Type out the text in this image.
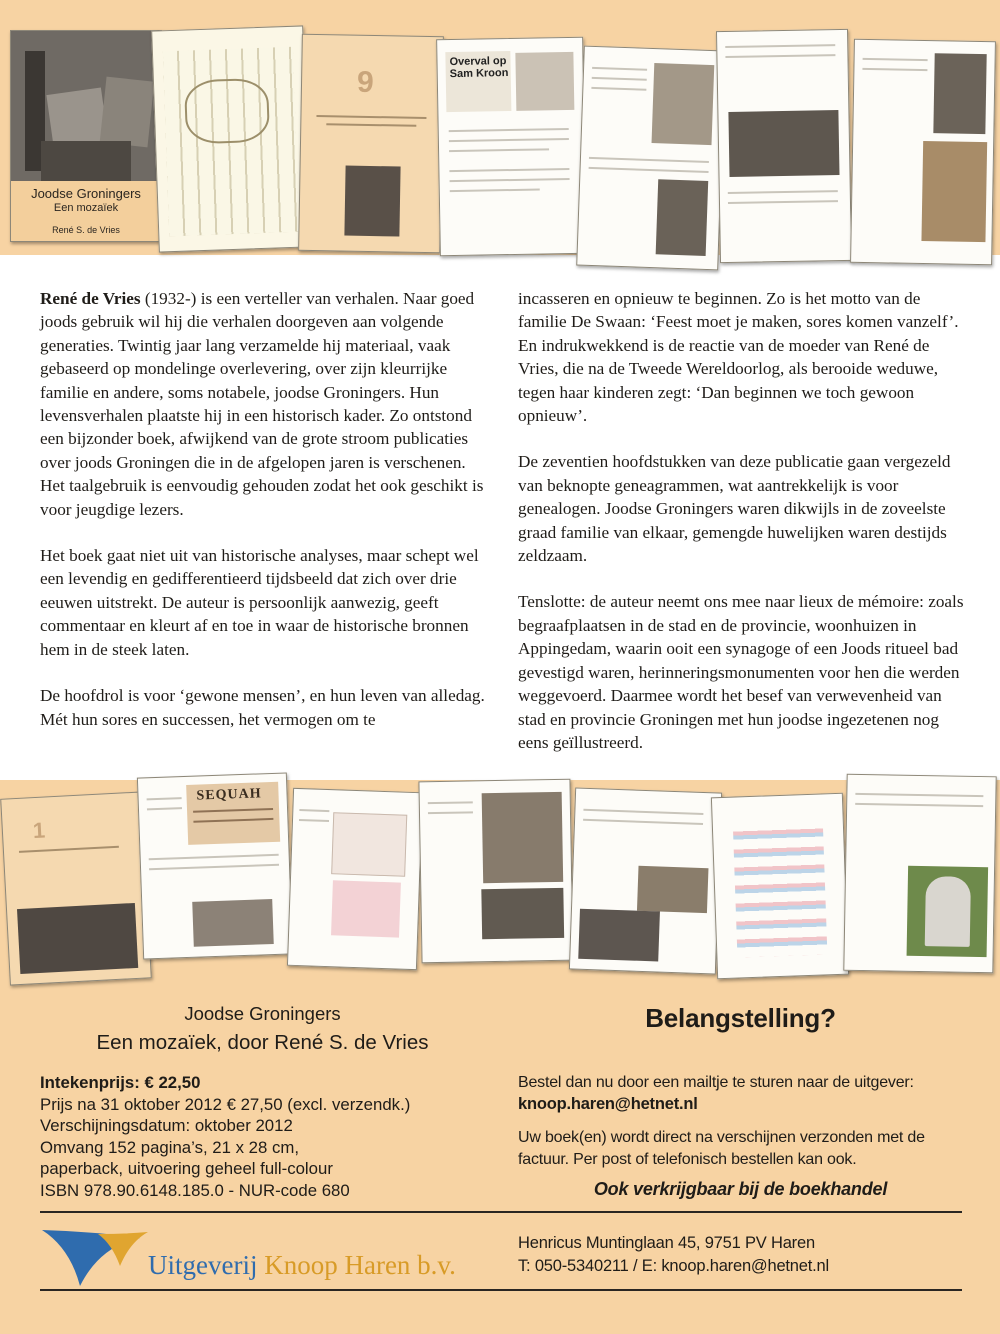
Joodse Groningers
Een mozaïek
René S. de Vries
9
Overval op
Sam Kroon

René de Vries (1932-) is een verteller van verhalen. Naar goed joods gebruik wil hij die verhalen doorgeven aan volgende generaties. Twintig jaar lang verzamelde hij materiaal, vaak gebaseerd op mondelinge overlevering, over zijn kleurrijke familie en andere, soms notabele, joodse Groningers. Hun levensverhalen plaatste hij in een historisch kader. Zo ontstond een bijzonder boek, afwijkend van de grote stroom publicaties over joods Groningen die in de afgelopen jaren is verschenen.
Het taalgebruik is eenvoudig gehouden zodat het ook geschikt is voor jeugdige lezers.

Het boek gaat niet uit van historische analyses, maar schept wel een levendig en gedifferentieerd tijdsbeeld dat zich over drie eeuwen uitstrekt. De auteur is persoonlijk aanwezig, geeft commentaar en kleurt af en toe in waar de historische bronnen hem in de steek laten.

De hoofdrol is voor ‘gewone mensen’, en hun leven van alledag. Mét hun sores en successen, het vermogen om te

incasseren en opnieuw te beginnen. Zo is het motto van de familie De Swaan: ‘Feest moet je maken, sores komen vanzelf’. En indrukwekkend is de reactie van de moeder van René de Vries, die na de Tweede Wereldoorlog, als berooide weduwe, tegen haar kinderen zegt: ‘Dan beginnen we toch gewoon opnieuw’.

De zeventien hoofdstukken van deze publicatie gaan vergezeld van beknopte geneagrammen, wat aantrekkelijk is voor genealogen. Joodse Groningers waren dikwijls in de zoveelste graad familie van elkaar, gemengde huwelijken waren destijds zeldzaam.

Tenslotte: de auteur neemt ons mee naar lieux de mémoire: zoals begraafplaatsen in de stad en de provincie, woonhuizen in Appingedam, waarin ooit een synagoge of een Joods ritueel bad gevestigd waren, herinneringsmonumenten voor hen die werden weggevoerd. Daarmee wordt het besef van verwevenheid van stad en provincie Groningen met hun joodse ingezetenen nog eens geïllustreerd.

1
SEQUAH
Joodse Groningers
Een mozaïek, door René S. de Vries
Intekenprijs: € 22,50
Prijs na 31 oktober 2012 € 27,50 (excl. verzendk.)
Verschijningsdatum: oktober 2012
Omvang 152 pagina’s, 21 x 28 cm,
paperback, uitvoering geheel full-colour
ISBN 978.90.6148.185.0 - NUR-code 680
Belangstelling?
Bestel dan nu door een mailtje te sturen naar de uitgever:
knoop.haren@hetnet.nl
Uw boek(en) wordt direct na verschijnen verzonden met de factuur. Per post of telefonisch bestellen kan ook.
Ook verkrijgbaar bij de boekhandel
Uitgeverij Knoop Haren b.v.
Henricus Muntinglaan 45, 9751 PV Haren
T: 050-5340211 / E: knoop.haren@hetnet.nl
